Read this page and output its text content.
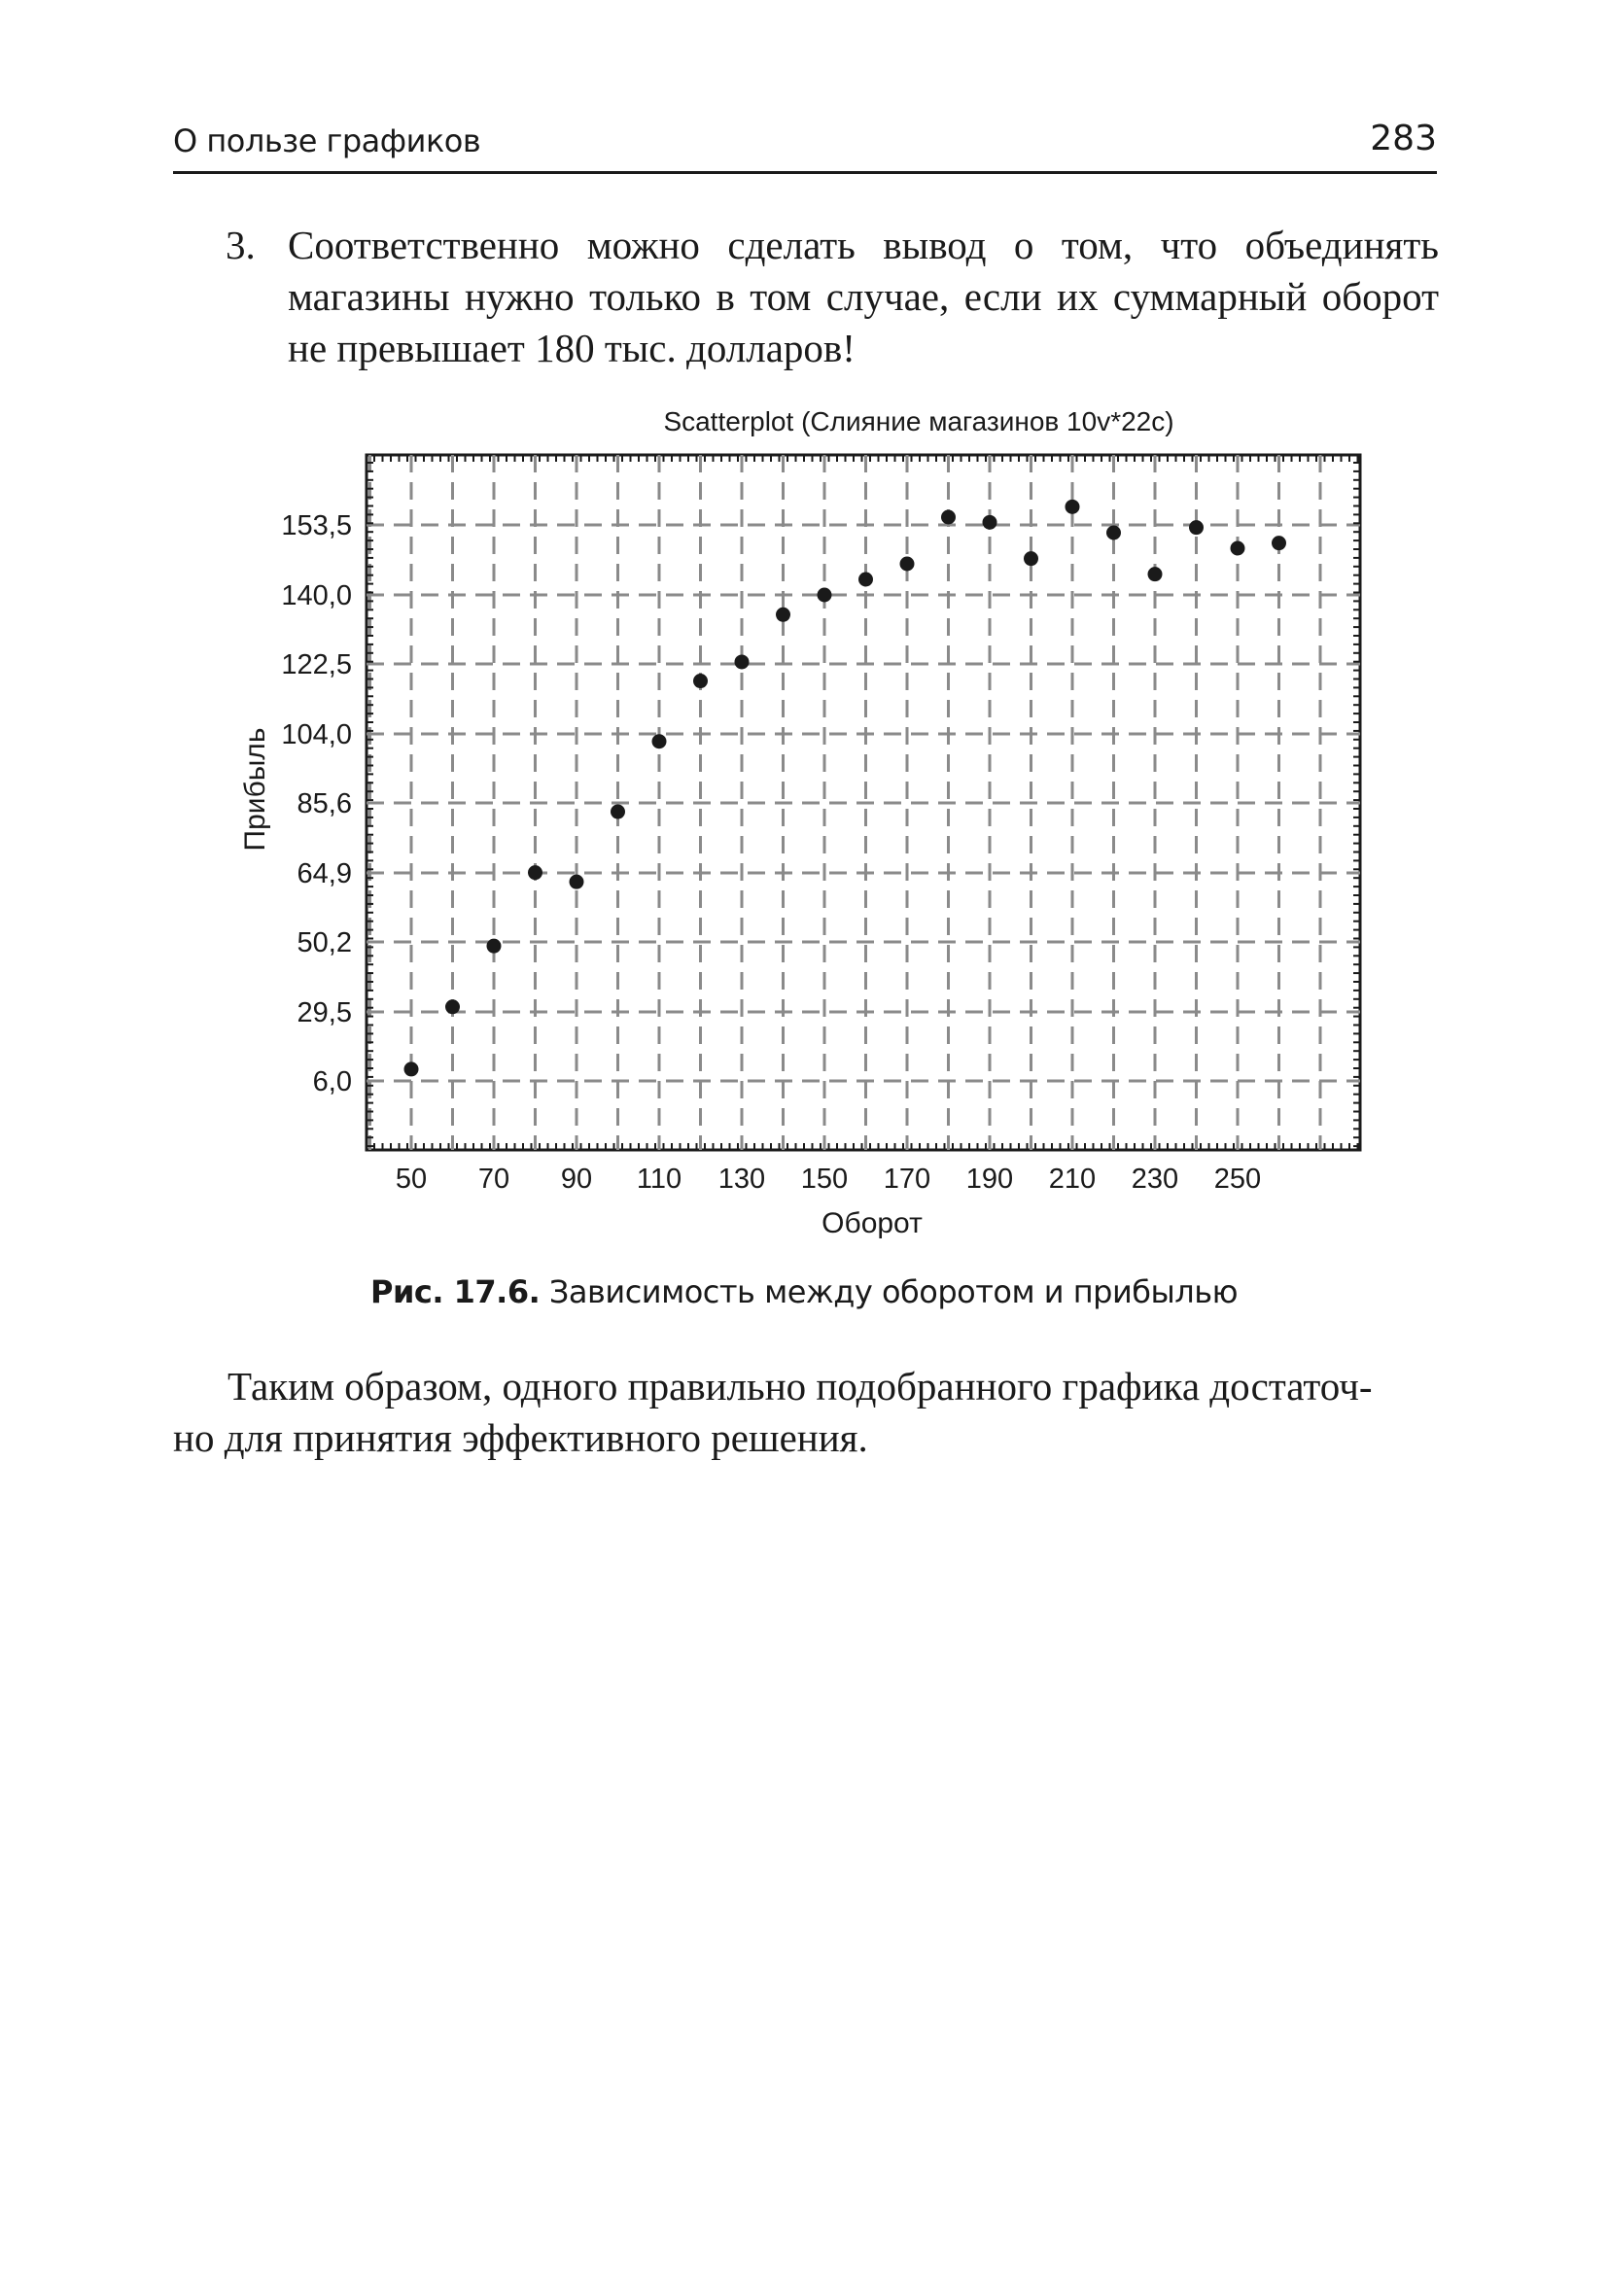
О пользе графиков	283
3. Соответственно можно сделать вывод о том, что объединять магазины нужно только в том случае, если их суммарный оборот не превышает 180 тыс. долларов!
Scatterplot (Слияние магазинов 10v*22c)
50 70 90 110 130 150 170 190 210 230 250
153,5
140,0
122,5
104,0
85,6
64,9
50,2
29,5
6,0
Оборот
Прибыль
Рис. 17.6. Зависимость между оборотом и прибылью
Таким образом, одного правильно подобранного графика достаточ-
но для принятия эффективного решения.
